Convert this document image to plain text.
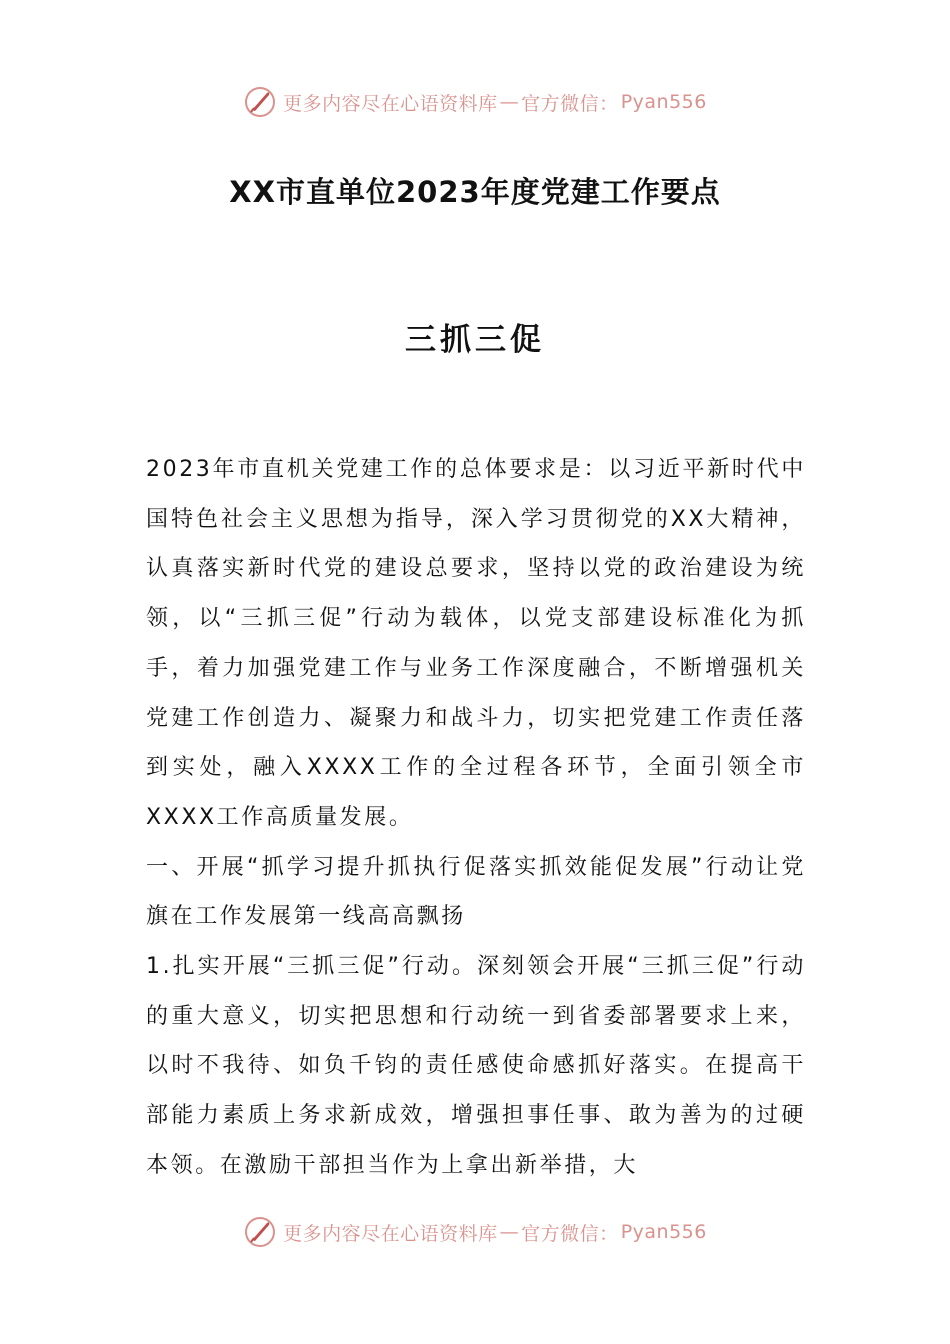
更多内容尽在心语资料库 — 官方微信： Pyan556
XX市直单位2023年度党建工作要点
三抓三促

2023年市直机关党建工作的总体要求是：以习近平新时代中国特色社会主义思想为指导，深入学习贯彻党的XX大精神，认真落实新时代党的建设总要求，坚持以党的政治建设为统领，以“三抓三促”行动为载体，以党支部建设标准化为抓手，着力加强党建工作与业务工作深度融合，不断增强机关党建工作创造力、凝聚力和战斗力，切实把党建工作责任落到实处，融入XXXX工作的全过程各环节，全面引领全市XXXX工作高质量发展。

一、开展“抓学习提升抓执行促落实抓效能促发展”行动让党旗在工作发展第一线高高飘扬

1.扎实开展“三抓三促”行动。深刻领会开展“三抓三促”行动的重大意义，切实把思想和行动统一到省委部署要求上来，以时不我待、如负千钧的责任感使命感抓好落实。在提高干部能力素质上务求新成效，增强担事任事、敢为善为的过硬本领。在激励干部担当作为上拿出新举措，大

更多内容尽在心语资料库 — 官方微信： Pyan556
